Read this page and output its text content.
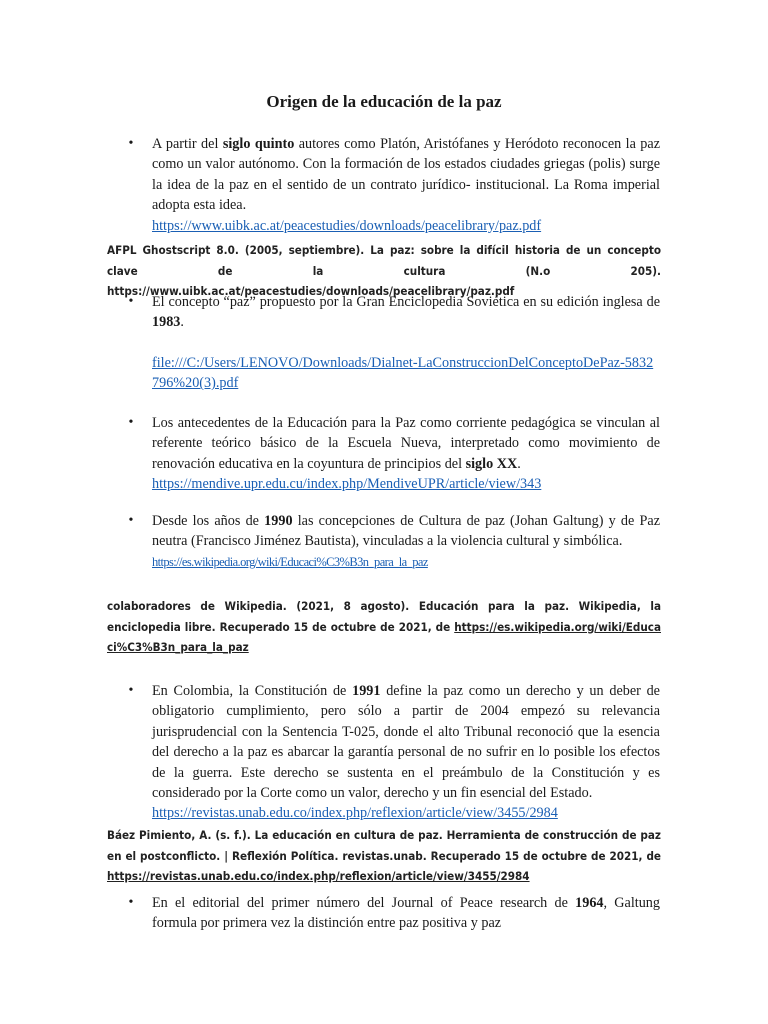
Origen de la educación de la paz
• A partir del siglo quinto autores como Platón, Aristófanes y Heródoto reconocen la paz como un valor autónomo. Con la formación de los estados ciudades griegas (polis) surge la idea de la paz en el sentido de un contrato jurídico- institucional. La Roma imperial adopta esta idea.
https://www.uibk.ac.at/peacestudies/downloads/peacelibrary/paz.pdf
AFPL Ghostscript 8.0. (2005, septiembre). La paz: sobre la difícil historia de un concepto clave de la cultura (N.o 205). https://www.uibk.ac.at/peacestudies/downloads/peacelibrary/paz.pdf
• El concepto “paz” propuesto por la Gran Enciclopedia Soviética en su edición inglesa de 1983.
file:///C:/Users/LENOVO/Downloads/Dialnet-LaConstruccionDelConceptoDePaz-5832796%20(3).pdf
• Los antecedentes de la Educación para la Paz como corriente pedagógica se vinculan al referente teórico básico de la Escuela Nueva, interpretado como movimiento de renovación educativa en la coyuntura de principios del siglo XX.
https://mendive.upr.edu.cu/index.php/MendiveUPR/article/view/343
• Desde los años de 1990 las concepciones de Cultura de paz (Johan Galtung) y de Paz neutra (Francisco Jiménez Bautista), vinculadas a la violencia cultural y simbólica.
https://es.wikipedia.org/wiki/Educaci%C3%B3n_para_la_paz
colaboradores de Wikipedia. (2021, 8 agosto). Educación para la paz. Wikipedia, la enciclopedia libre. Recuperado 15 de octubre de 2021, de https://es.wikipedia.org/wiki/Educaci%C3%B3n_para_la_paz
• En Colombia, la Constitución de 1991 define la paz como un derecho y un deber de obligatorio cumplimiento, pero sólo a partir de 2004 empezó su relevancia jurisprudencial con la Sentencia T-025, donde el alto Tribunal reconoció que la esencia del derecho a la paz es abarcar la garantía personal de no sufrir en lo posible los efectos de la guerra. Este derecho se sustenta en el preámbulo de la Constitución y es considerado por la Corte como un valor, derecho y un fin esencial del Estado.
https://revistas.unab.edu.co/index.php/reflexion/article/view/3455/2984
Báez Pimiento, A. (s. f.). La educación en cultura de paz. Herramienta de construcción de paz en el postconflicto. | Reflexión Política. revistas.unab. Recuperado 15 de octubre de 2021, de https://revistas.unab.edu.co/index.php/reflexion/article/view/3455/2984
• En el editorial del primer número del Journal of Peace research de 1964, Galtung formula por primera vez la distinción entre paz positiva y paz
